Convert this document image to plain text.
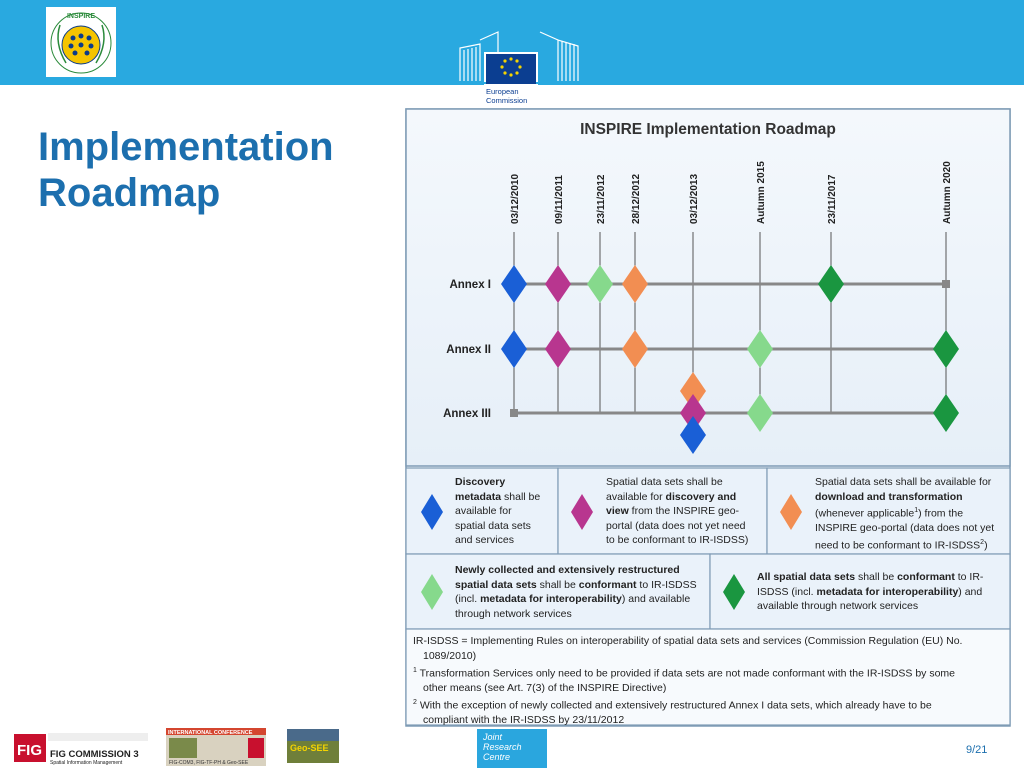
INSPIRE
European
Commission
Implementation
Roadmap
INSPIRE Implementation Roadmap
03/12/2010	09/11/2011	23/11/2012 28/12/2012	03/12/2013	Autumn 2015	23/11/2017	Autumn 2020
Annex I
Annex II
Annex III
Discovery
metadata shall be
available for
spatial data sets
and services
Spatial data sets shall be
available for discovery and
view from the INSPIRE geo-
portal (data does not yet need
to be conformant to IR-ISDSS)
Spatial data sets shall be available for
download and transformation
(whenever applicable$^1$) from the
INSPIRE geo-portal (data does not yet
need to be conformant to IR-ISDSS$^2$)
Newly collected and extensively restructured
spatial data sets shall be conformant to IR-ISDSS
(incl. metadata for interoperability) and available
through network services
All spatial data sets shall be conformant to IR-
ISDSS (incl. metadata for interoperability) and
available through network services

IR-ISDSS = Implementing Rules on interoperability of spatial data sets and services (Commission Regulation (EU) No.

1089/2010)

$^1$ Transformation Services only need to be provided if data sets are not made conformant with the IR-ISDSS by some

other means (see Art. 7(3) of the INSPIRE Directive)

$^2$ With the exception of newly collected and extensively restructured Annex I data sets, which already have to be

compliant with the IR-ISDSS by 23/11/2012

FIG FIG COMMISSION 3
Spatial Information Management
INTERNATIONAL CONFERENCE
FIG-COM3, FIG-TF-PH & Geo-SEE
Geo-SEE
Joint
Research
Centre
9/21
